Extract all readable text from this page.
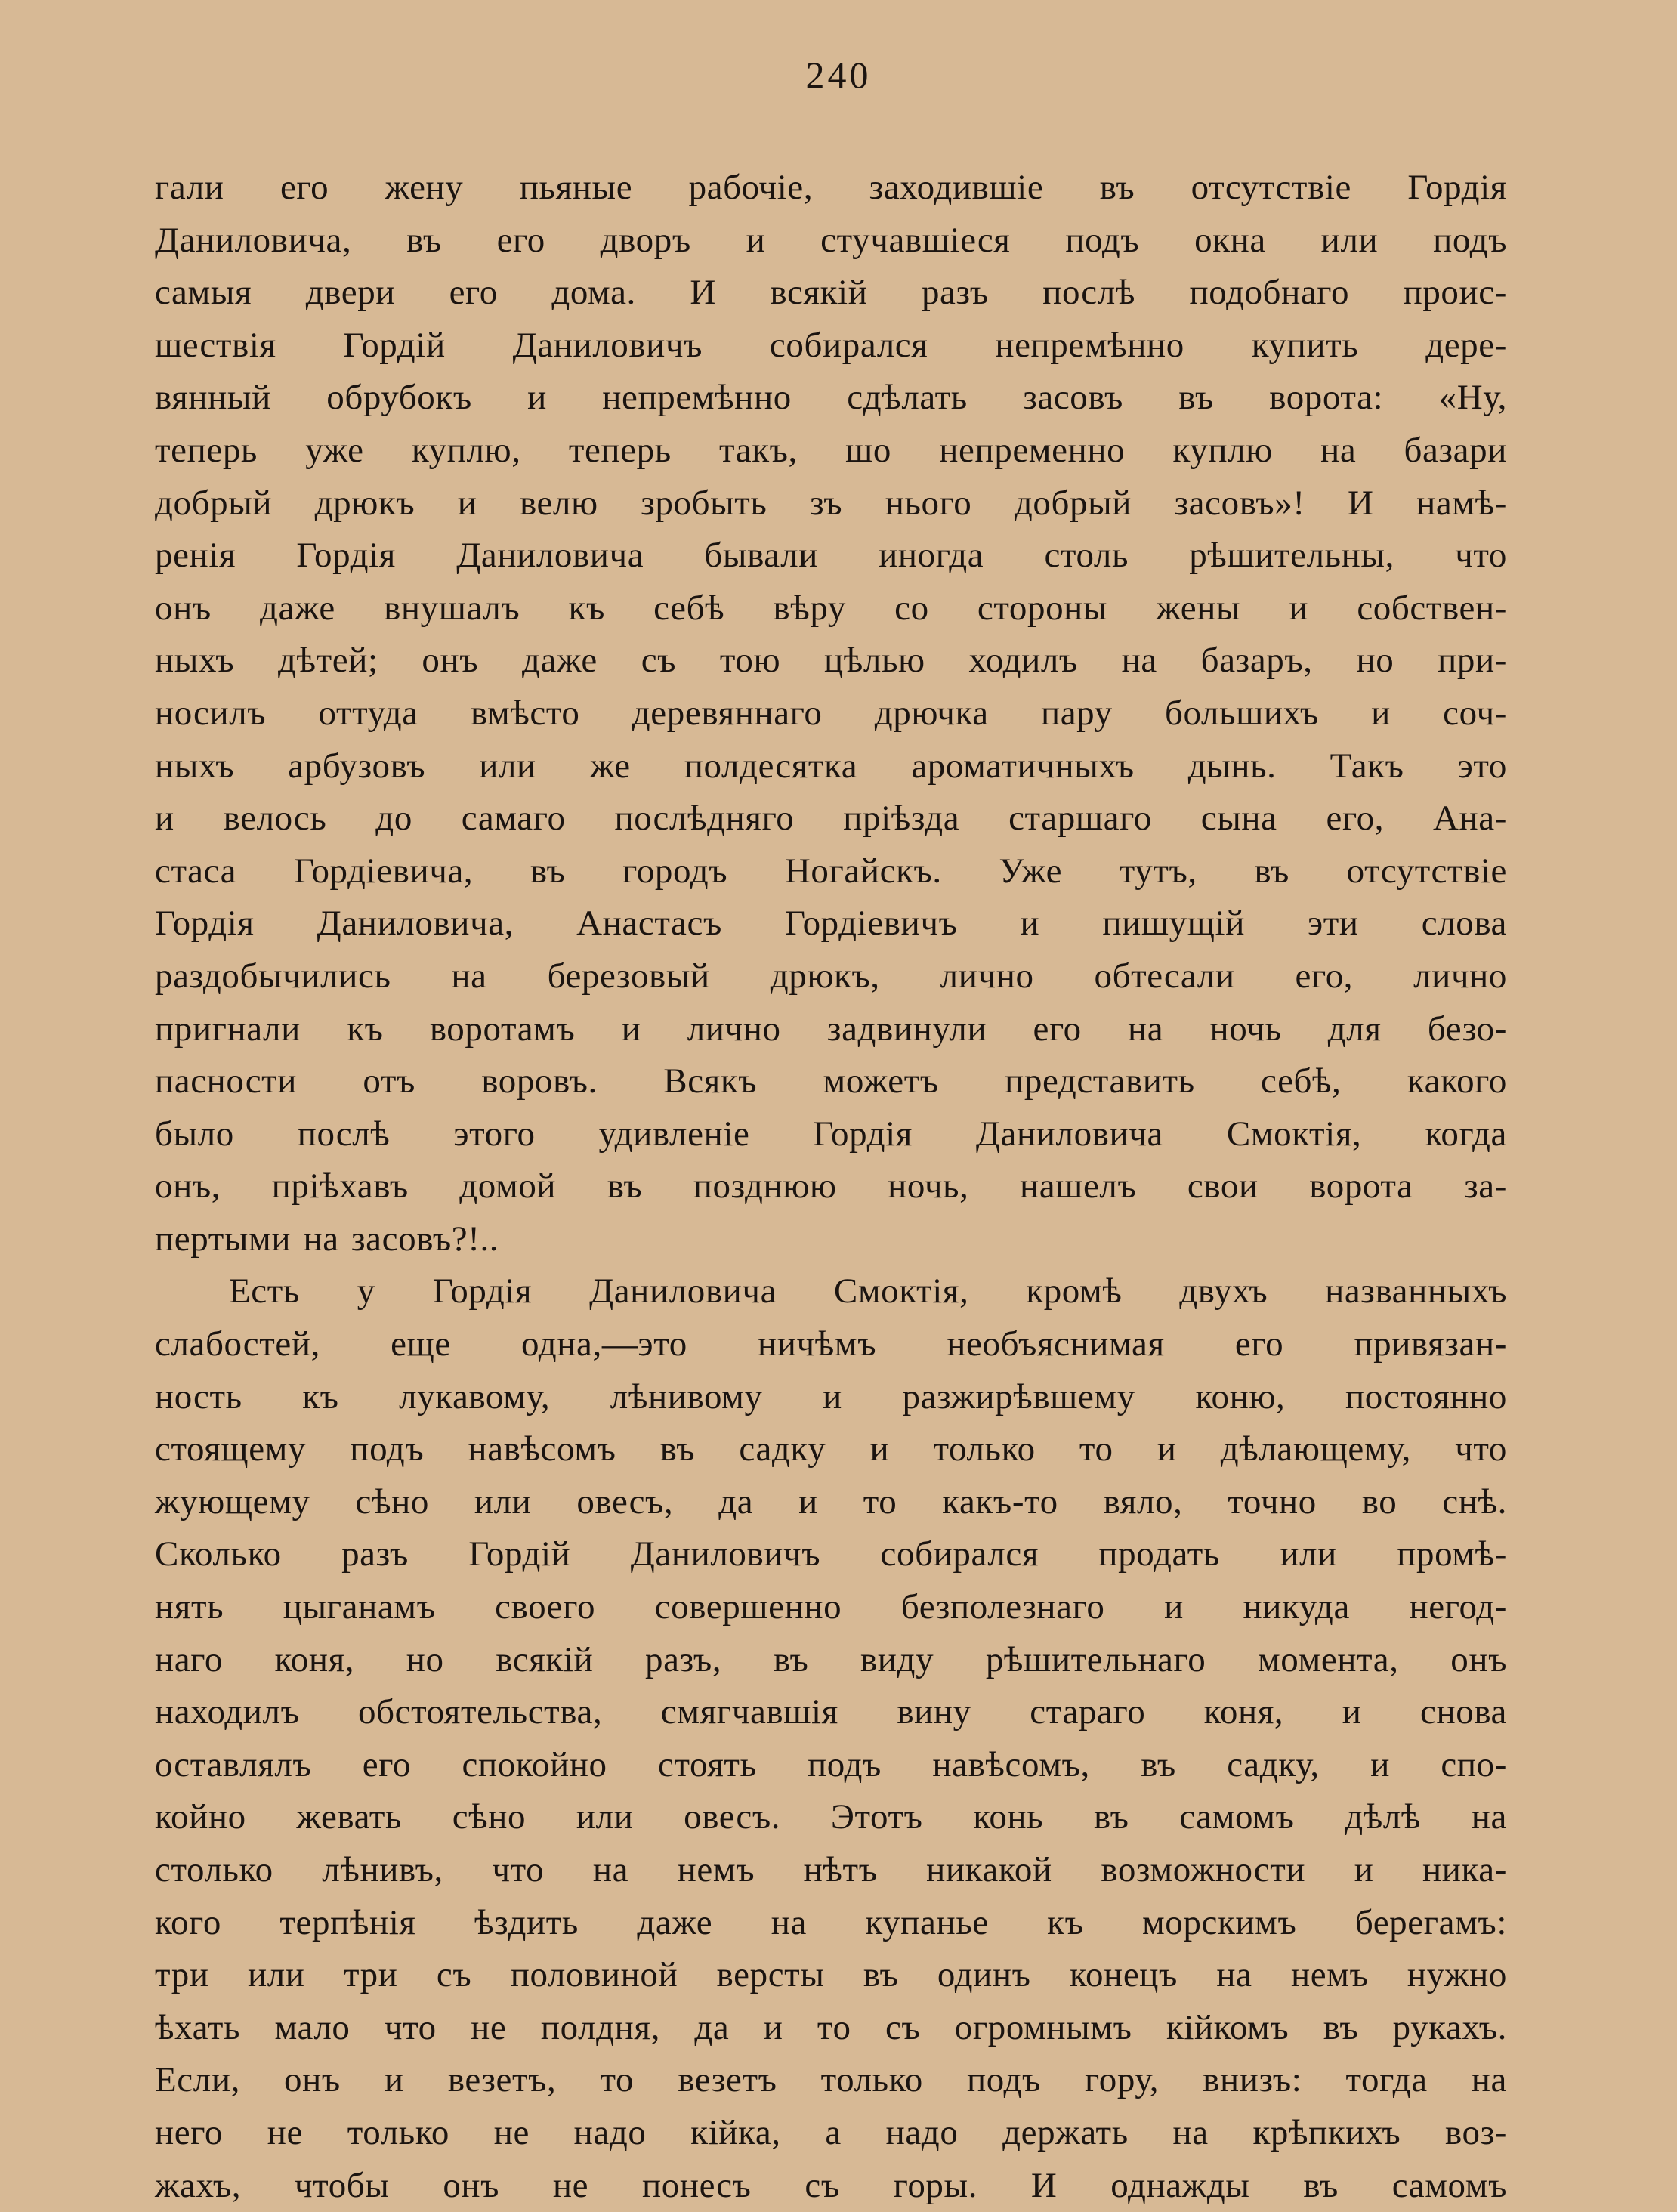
240
гали его жену пьяные рабочіе, заходившіе въ отсутствіе Гордія
Даниловича, въ его дворъ и стучавшіеся подъ окна или подъ
самыя двери его дома. И всякій разъ послѣ подобнаго проис-
шествія Гордій Даниловичъ собирался непремѣнно купить дере-
вянный обрубокъ и непремѣнно сдѣлать засовъ въ ворота: «Ну,
теперь уже куплю, теперь такъ, шо непременно куплю на базари
добрый дрюкъ и велю зробыть зъ нього добрый засовъ»! И намѣ-
ренія Гордія Даниловича бывали иногда столь рѣшительны, что
онъ даже внушалъ къ себѣ вѣру со стороны жены и собствен-
ныхъ дѣтей; онъ даже съ тою цѣлью ходилъ на базаръ, но при-
носилъ оттуда вмѣсто деревяннаго дрючка пару большихъ и соч-
ныхъ арбузовъ или же полдесятка ароматичныхъ дынь. Такъ это
и велось до самаго послѣдняго пріѣзда старшаго сына его, Ана-
стаса Гордіевича, въ городъ Ногайскъ. Уже тутъ, въ отсутствіе
Гордія Даниловича, Анастасъ Гордіевичъ и пишущій эти слова
раздобычились на березовый дрюкъ, лично обтесали его, лично
пригнали къ воротамъ и лично задвинули его на ночь для безо-
пасности отъ воровъ. Всякъ можетъ представить себѣ, какого
было послѣ этого удивленіе Гордія Даниловича Смоктія, когда
онъ, пріѣхавъ домой въ позднюю ночь, нашелъ свои ворота за-
пертыми на засовъ?!..
Есть у Гордія Даниловича Смоктія, кромѣ двухъ названныхъ
слабостей, еще одна,—это ничѣмъ необъяснимая его привязан-
ность къ лукавому, лѣнивому и разжирѣвшему коню, постоянно
стоящему подъ навѣсомъ въ садку и только то и дѣлающему, что
жующему сѣно или овесъ, да и то какъ-то вяло, точно во снѣ.
Сколько разъ Гордій Даниловичъ собирался продать или промѣ-
нять цыганамъ своего совершенно безполезнаго и никуда негод-
наго коня, но всякій разъ, въ виду рѣшительнаго момента, онъ
находилъ обстоятельства, смягчавшія вину стараго коня, и снова
оставлялъ его спокойно стоять подъ навѣсомъ, въ садку, и спо-
койно жевать сѣно или овесъ. Этотъ конь въ самомъ дѣлѣ на
столько лѣнивъ, что на немъ нѣтъ никакой возможности и ника-
кого терпѣнія ѣздить даже на купанье къ морскимъ берегамъ:
три или три съ половиной версты въ одинъ конецъ на немъ нужно
ѣхать мало что не полдня, да и то съ огромнымъ кійкомъ въ рукахъ.
Если, онъ и везетъ, то везетъ только подъ гору, внизъ: тогда на
него не только не надо кійка, а надо держать на крѣпкихъ воз-
жахъ, чтобы онъ не понесъ съ горы. И однажды въ самомъ
